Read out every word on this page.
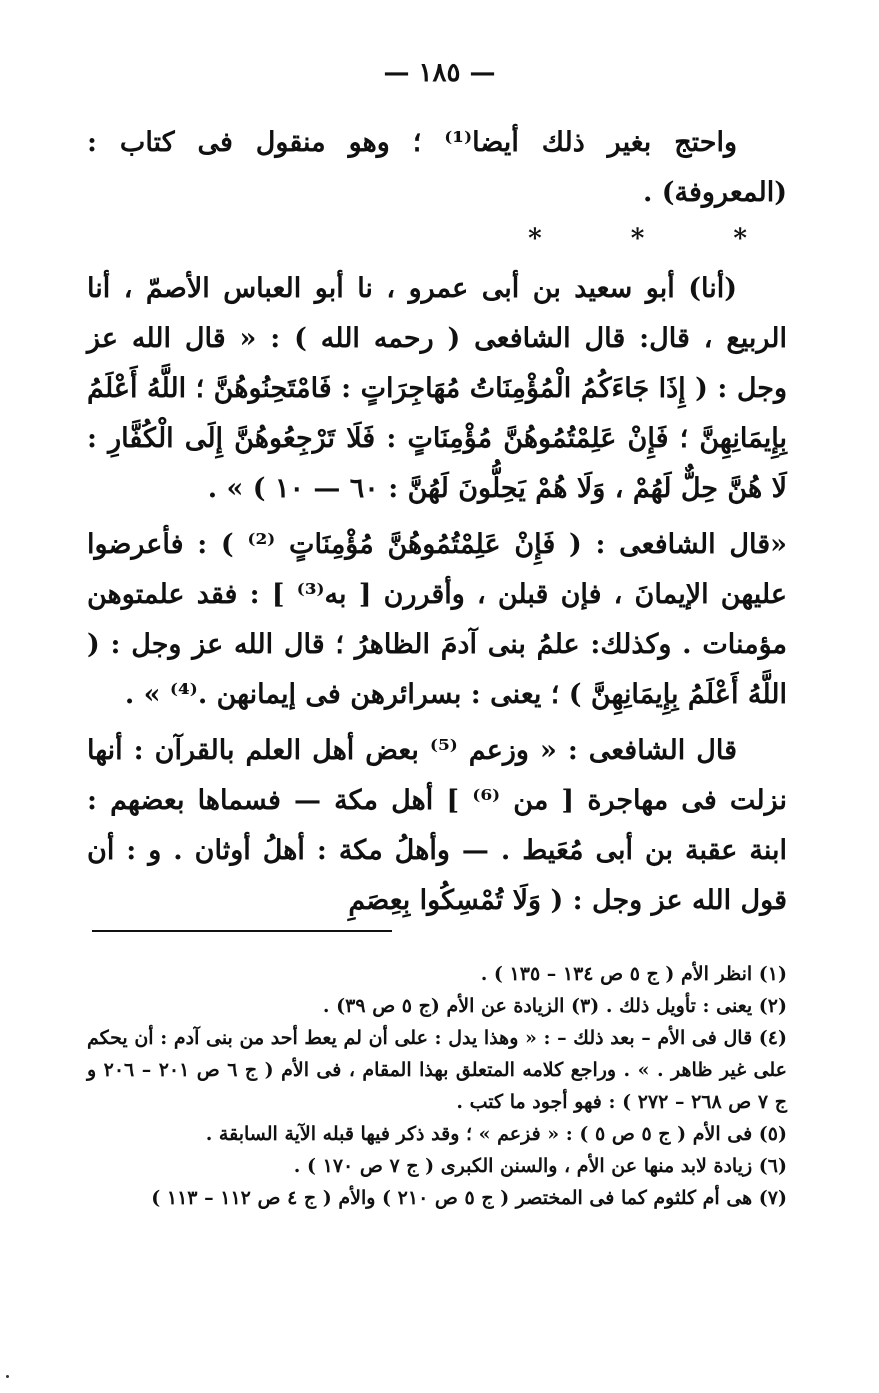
— ١٨٥ —

واحتج بغير ذلك أيضا⁽¹⁾ ؛ وهو منقول فى كتاب : (المعروفة) .

* * *

(أنا) أبو سعيد بن أبى عمرو ، نا أبو العباس الأصمّ ، أنا الربيع ، قال: قال الشافعى ( رحمه الله ) : « قال الله عز وجل : ( إِذَا جَاءَكُمُ الْمُؤْمِنَاتُ مُهَاجِرَاتٍ : فَامْتَحِنُوهُنَّ ؛ اللَّهُ أَعْلَمُ بِإِيمَانِهِنَّ ؛ فَإِنْ عَلِمْتُمُوهُنَّ مُؤْمِنَاتٍ : فَلَا تَرْجِعُوهُنَّ إِلَى الْكُفَّارِ : لَا هُنَّ حِلٌّ لَهُمْ ، وَلَا هُمْ يَحِلُّونَ لَهُنَّ : ٦٠ — ١٠ ) » .

«قال الشافعى : ( فَإِنْ عَلِمْتُمُوهُنَّ مُؤْمِنَاتٍ ⁽²⁾ ) : فأعرضوا عليهن الإيمانَ ، فإن قبلن ، وأقررن [ به⁽³⁾ ] : فقد علمتوهن مؤمنات . وكذلك: علمُ بنى آدمَ الظاهرُ ؛ قال الله عز وجل : ( اللَّهُ أَعْلَمُ بِإِيمَانِهِنَّ ) ؛ يعنى : بسرائرهن فى إيمانهن .⁽⁴⁾ » .

قال الشافعى : « وزعم ⁽⁵⁾ بعض أهل العلم بالقرآن : أنها نزلت فى مهاجرة [ من ⁽⁶⁾ ] أهل مكة — فسماها بعضهم : ابنة عقبة بن أبى مُعَيط . — وأهلُ مكة : أهلُ أوثان . و : أن قول الله عز وجل : ( وَلَا تُمْسِكُوا بِعِصَمِ

(١) انظر الأم ( ج ٥ ص ١٣٤ – ١٣٥ ) .

(٢) يعنى : تأويل ذلك . (٣) الزيادة عن الأم (ج ٥ ص ٣٩) .

(٤) قال فى الأم – بعد ذلك – : « وهذا يدل : على أن لم يعط أحد من بنى آدم : أن يحكم على غير ظاهر . » . وراجع كلامه المتعلق بهذا المقام ، فى الأم ( ج ٦ ص ٢٠١ – ٢٠٦ و ج ٧ ص ٢٦٨ – ٢٧٢ ) : فهو أجود ما كتب .

(٥) فى الأم ( ج ٥ ص ٥ ) : « فزعم » ؛ وقد ذكر فيها قبله الآية السابقة .

(٦) زيادة لابد منها عن الأم ، والسنن الكبرى ( ج ٧ ص ١٧٠ ) .

(٧) هى أم كلثوم كما فى المختصر ( ج ٥ ص ٢١٠ ) والأم ( ج ٤ ص ١١٢ – ١١٣ )
